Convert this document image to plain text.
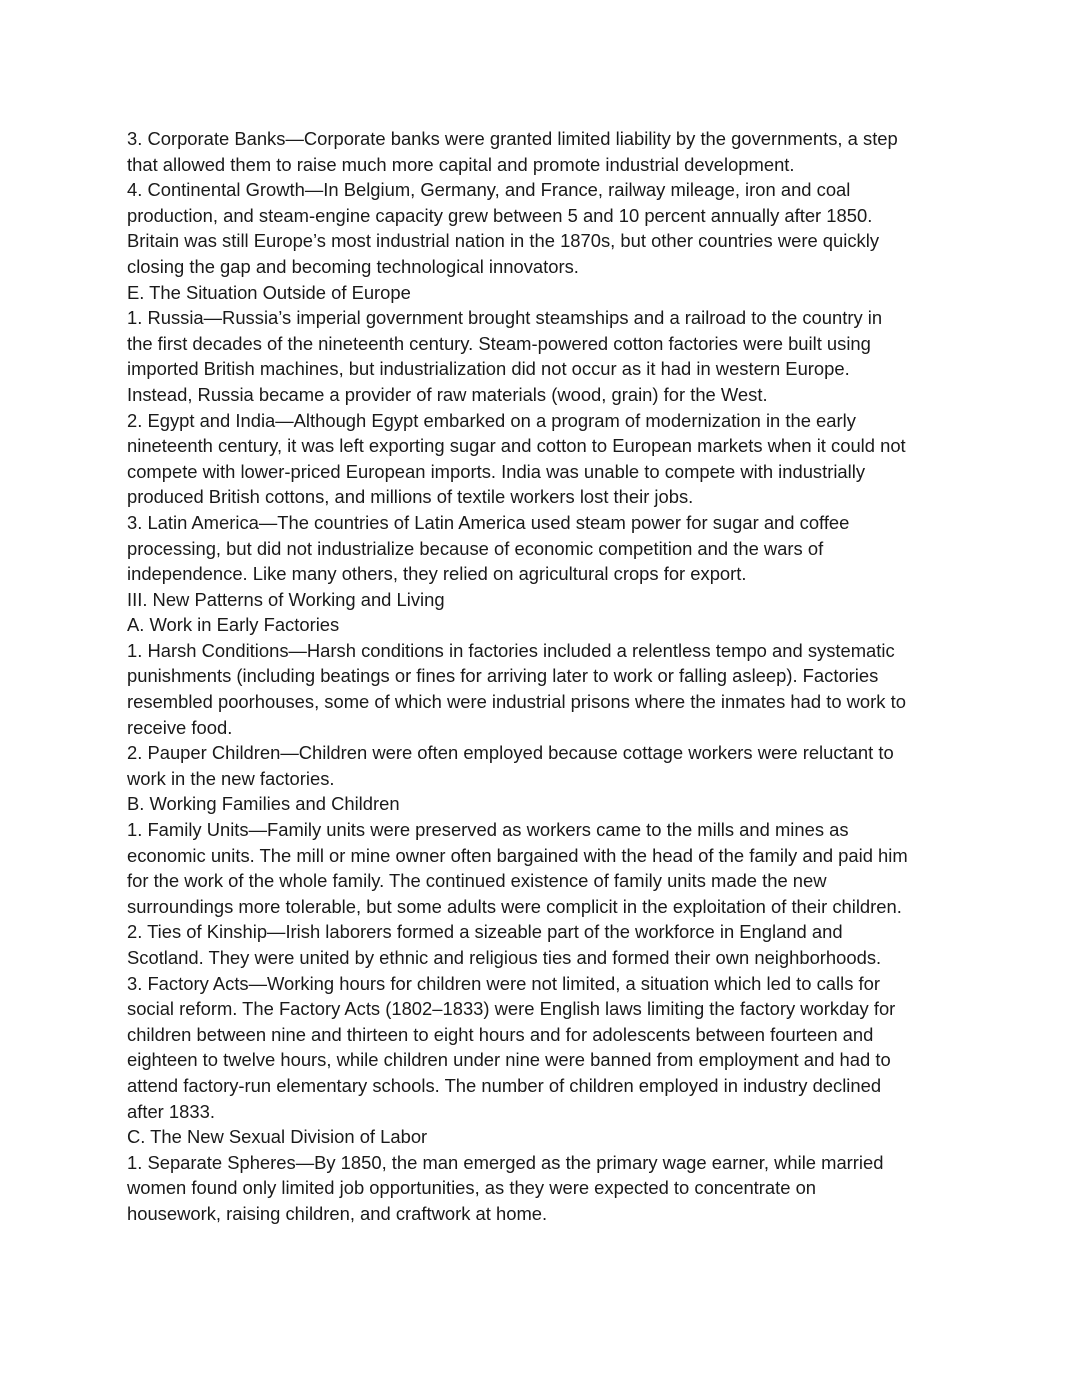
3. Corporate Banks—Corporate banks were granted limited liability by the governments, a step
that allowed them to raise much more capital and promote industrial development.
4. Continental Growth—In Belgium, Germany, and France, railway mileage, iron and coal
production, and steam-engine capacity grew between 5 and 10 percent annually after 1850.
Britain was still Europe’s most industrial nation in the 1870s, but other countries were quickly
closing the gap and becoming technological innovators.
E. The Situation Outside of Europe
1. Russia—Russia’s imperial government brought steamships and a railroad to the country in
the first decades of the nineteenth century. Steam-powered cotton factories were built using
imported British machines, but industrialization did not occur as it had in western Europe.
Instead, Russia became a provider of raw materials (wood, grain) for the West.
2. Egypt and India—Although Egypt embarked on a program of modernization in the early
nineteenth century, it was left exporting sugar and cotton to European markets when it could not
compete with lower-priced European imports. India was unable to compete with industrially
produced British cottons, and millions of textile workers lost their jobs.
3. Latin America—The countries of Latin America used steam power for sugar and coffee
processing, but did not industrialize because of economic competition and the wars of
independence. Like many others, they relied on agricultural crops for export.
III. New Patterns of Working and Living
A. Work in Early Factories
1. Harsh Conditions—Harsh conditions in factories included a relentless tempo and systematic
punishments (including beatings or fines for arriving later to work or falling asleep). Factories
resembled poorhouses, some of which were industrial prisons where the inmates had to work to
receive food.
2. Pauper Children—Children were often employed because cottage workers were reluctant to
work in the new factories.
B. Working Families and Children
1. Family Units—Family units were preserved as workers came to the mills and mines as
economic units. The mill or mine owner often bargained with the head of the family and paid him
for the work of the whole family. The continued existence of family units made the new
surroundings more tolerable, but some adults were complicit in the exploitation of their children.
2. Ties of Kinship—Irish laborers formed a sizeable part of the workforce in England and
Scotland. They were united by ethnic and religious ties and formed their own neighborhoods.
3. Factory Acts—Working hours for children were not limited, a situation which led to calls for
social reform. The Factory Acts (1802–1833) were English laws limiting the factory workday for
children between nine and thirteen to eight hours and for adolescents between fourteen and
eighteen to twelve hours, while children under nine were banned from employment and had to
attend factory-run elementary schools. The number of children employed in industry declined
after 1833.
C. The New Sexual Division of Labor
1. Separate Spheres—By 1850, the man emerged as the primary wage earner, while married
women found only limited job opportunities, as they were expected to concentrate on
housework, raising children, and craftwork at home.
